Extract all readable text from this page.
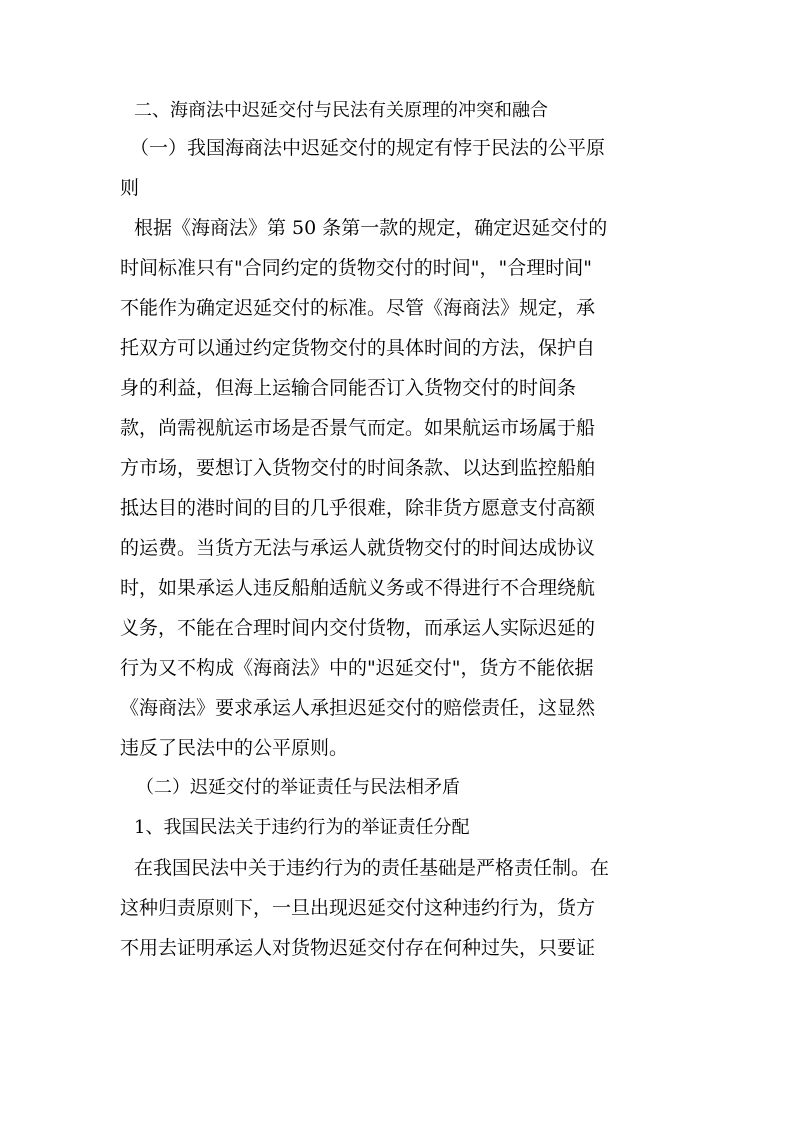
二、海商法中迟延交付与民法有关原理的冲突和融合
（一）我国海商法中迟延交付的规定有悖于民法的公平原
则
根据《海商法》第 50 条第一款的规定，确定迟延交付的
时间标准只有"合同约定的货物交付的时间"，"合理时间"
不能作为确定迟延交付的标准。尽管《海商法》规定，承
托双方可以通过约定货物交付的具体时间的方法，保护自
身的利益，但海上运输合同能否订入货物交付的时间条
款，尚需视航运市场是否景气而定。如果航运市场属于船
方市场，要想订入货物交付的时间条款、以达到监控船舶
抵达目的港时间的目的几乎很难，除非货方愿意支付高额
的运费。当货方无法与承运人就货物交付的时间达成协议
时，如果承运人违反船舶适航义务或不得进行不合理绕航
义务，不能在合理时间内交付货物，而承运人实际迟延的
行为又不构成《海商法》中的"迟延交付"，货方不能依据
《海商法》要求承运人承担迟延交付的赔偿责任，这显然
违反了民法中的公平原则。
（二）迟延交付的举证责任与民法相矛盾
1、我国民法关于违约行为的举证责任分配
在我国民法中关于违约行为的责任基础是严格责任制。在
这种归责原则下，一旦出现迟延交付这种违约行为，货方
不用去证明承运人对货物迟延交付存在何种过失，只要证
